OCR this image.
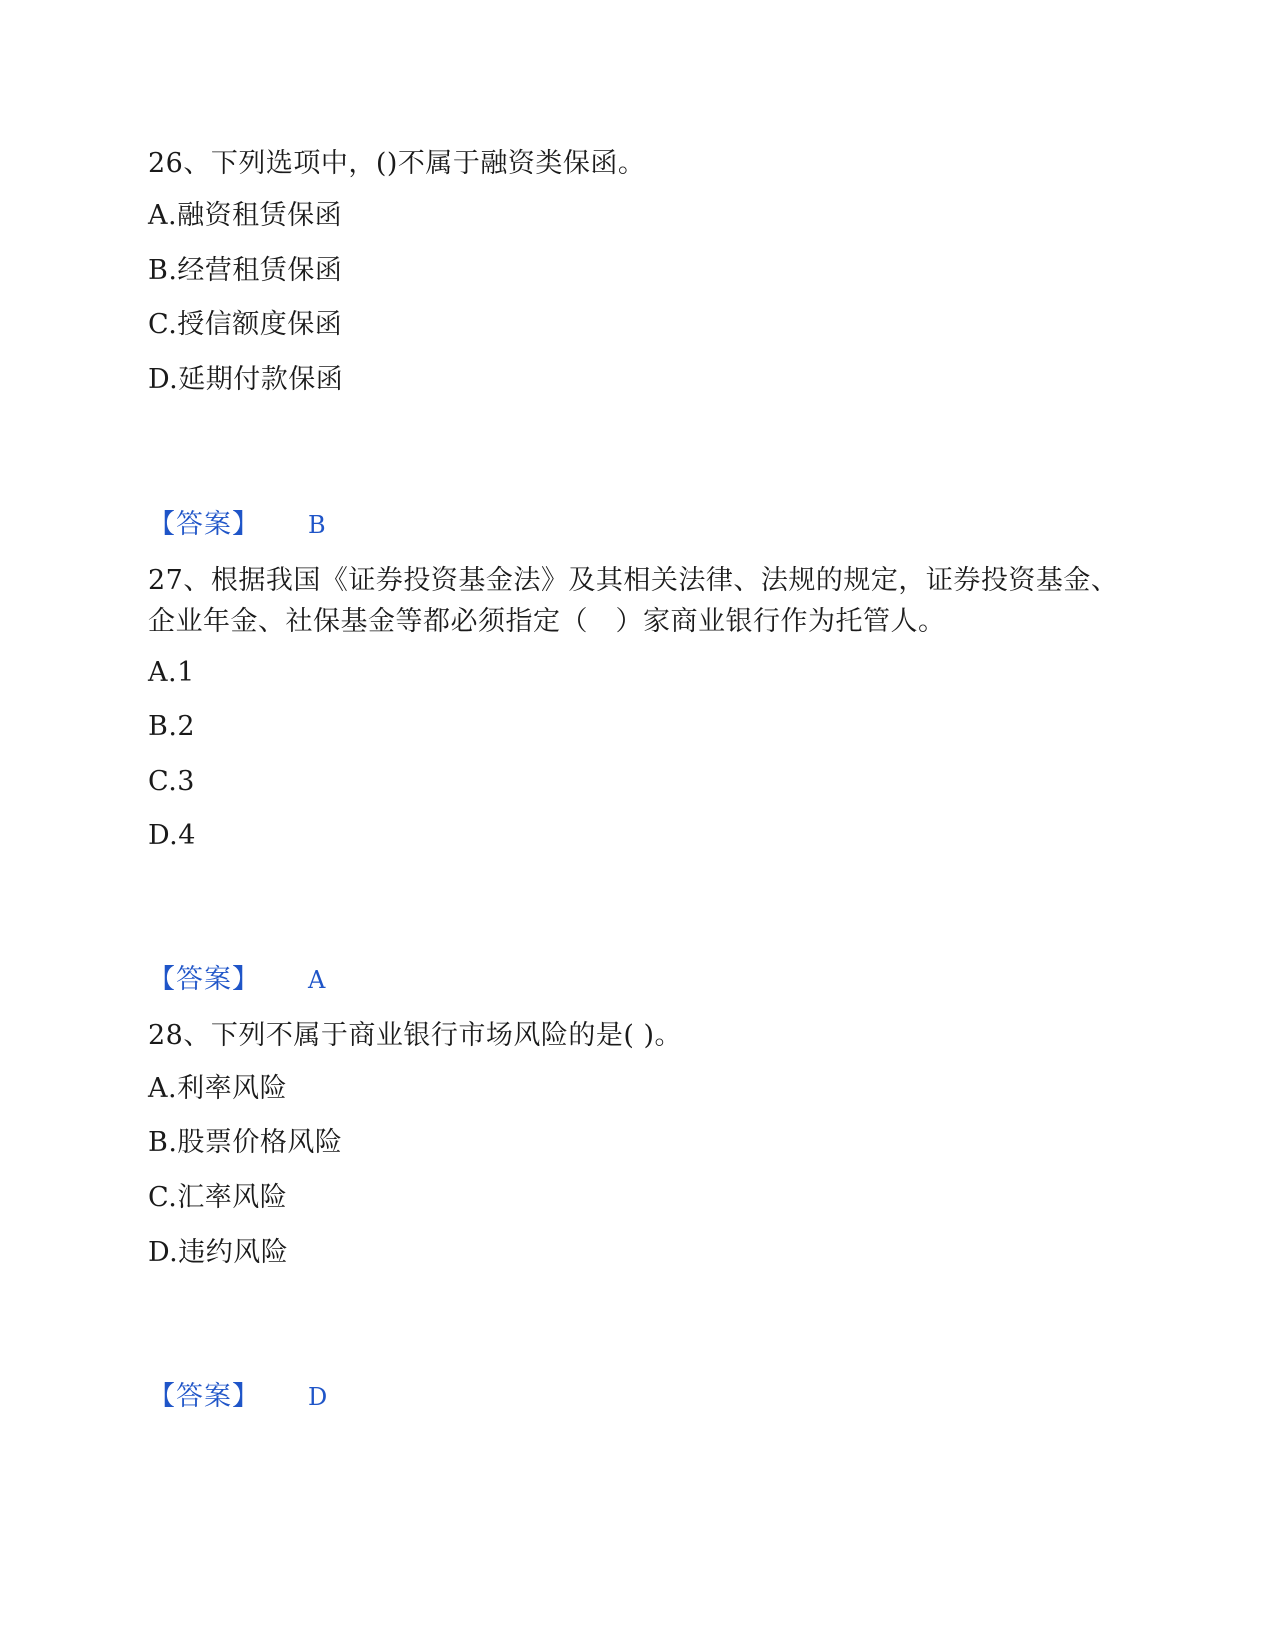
26、下列选项中，()不属于融资类保函。
A.融资租赁保函
B.经营租赁保函
C.授信额度保函
D.延期付款保函
【答案】 B
27、根据我国《证券投资基金法》及其相关法律、法规的规定，证券投资基金、企业年金、社保基金等都必须指定（　）家商业银行作为托管人。
A.1
B.2
C.3
D.4
【答案】 A
28、下列不属于商业银行市场风险的是( )。
A.利率风险
B.股票价格风险
C.汇率风险
D.违约风险
【答案】 D
